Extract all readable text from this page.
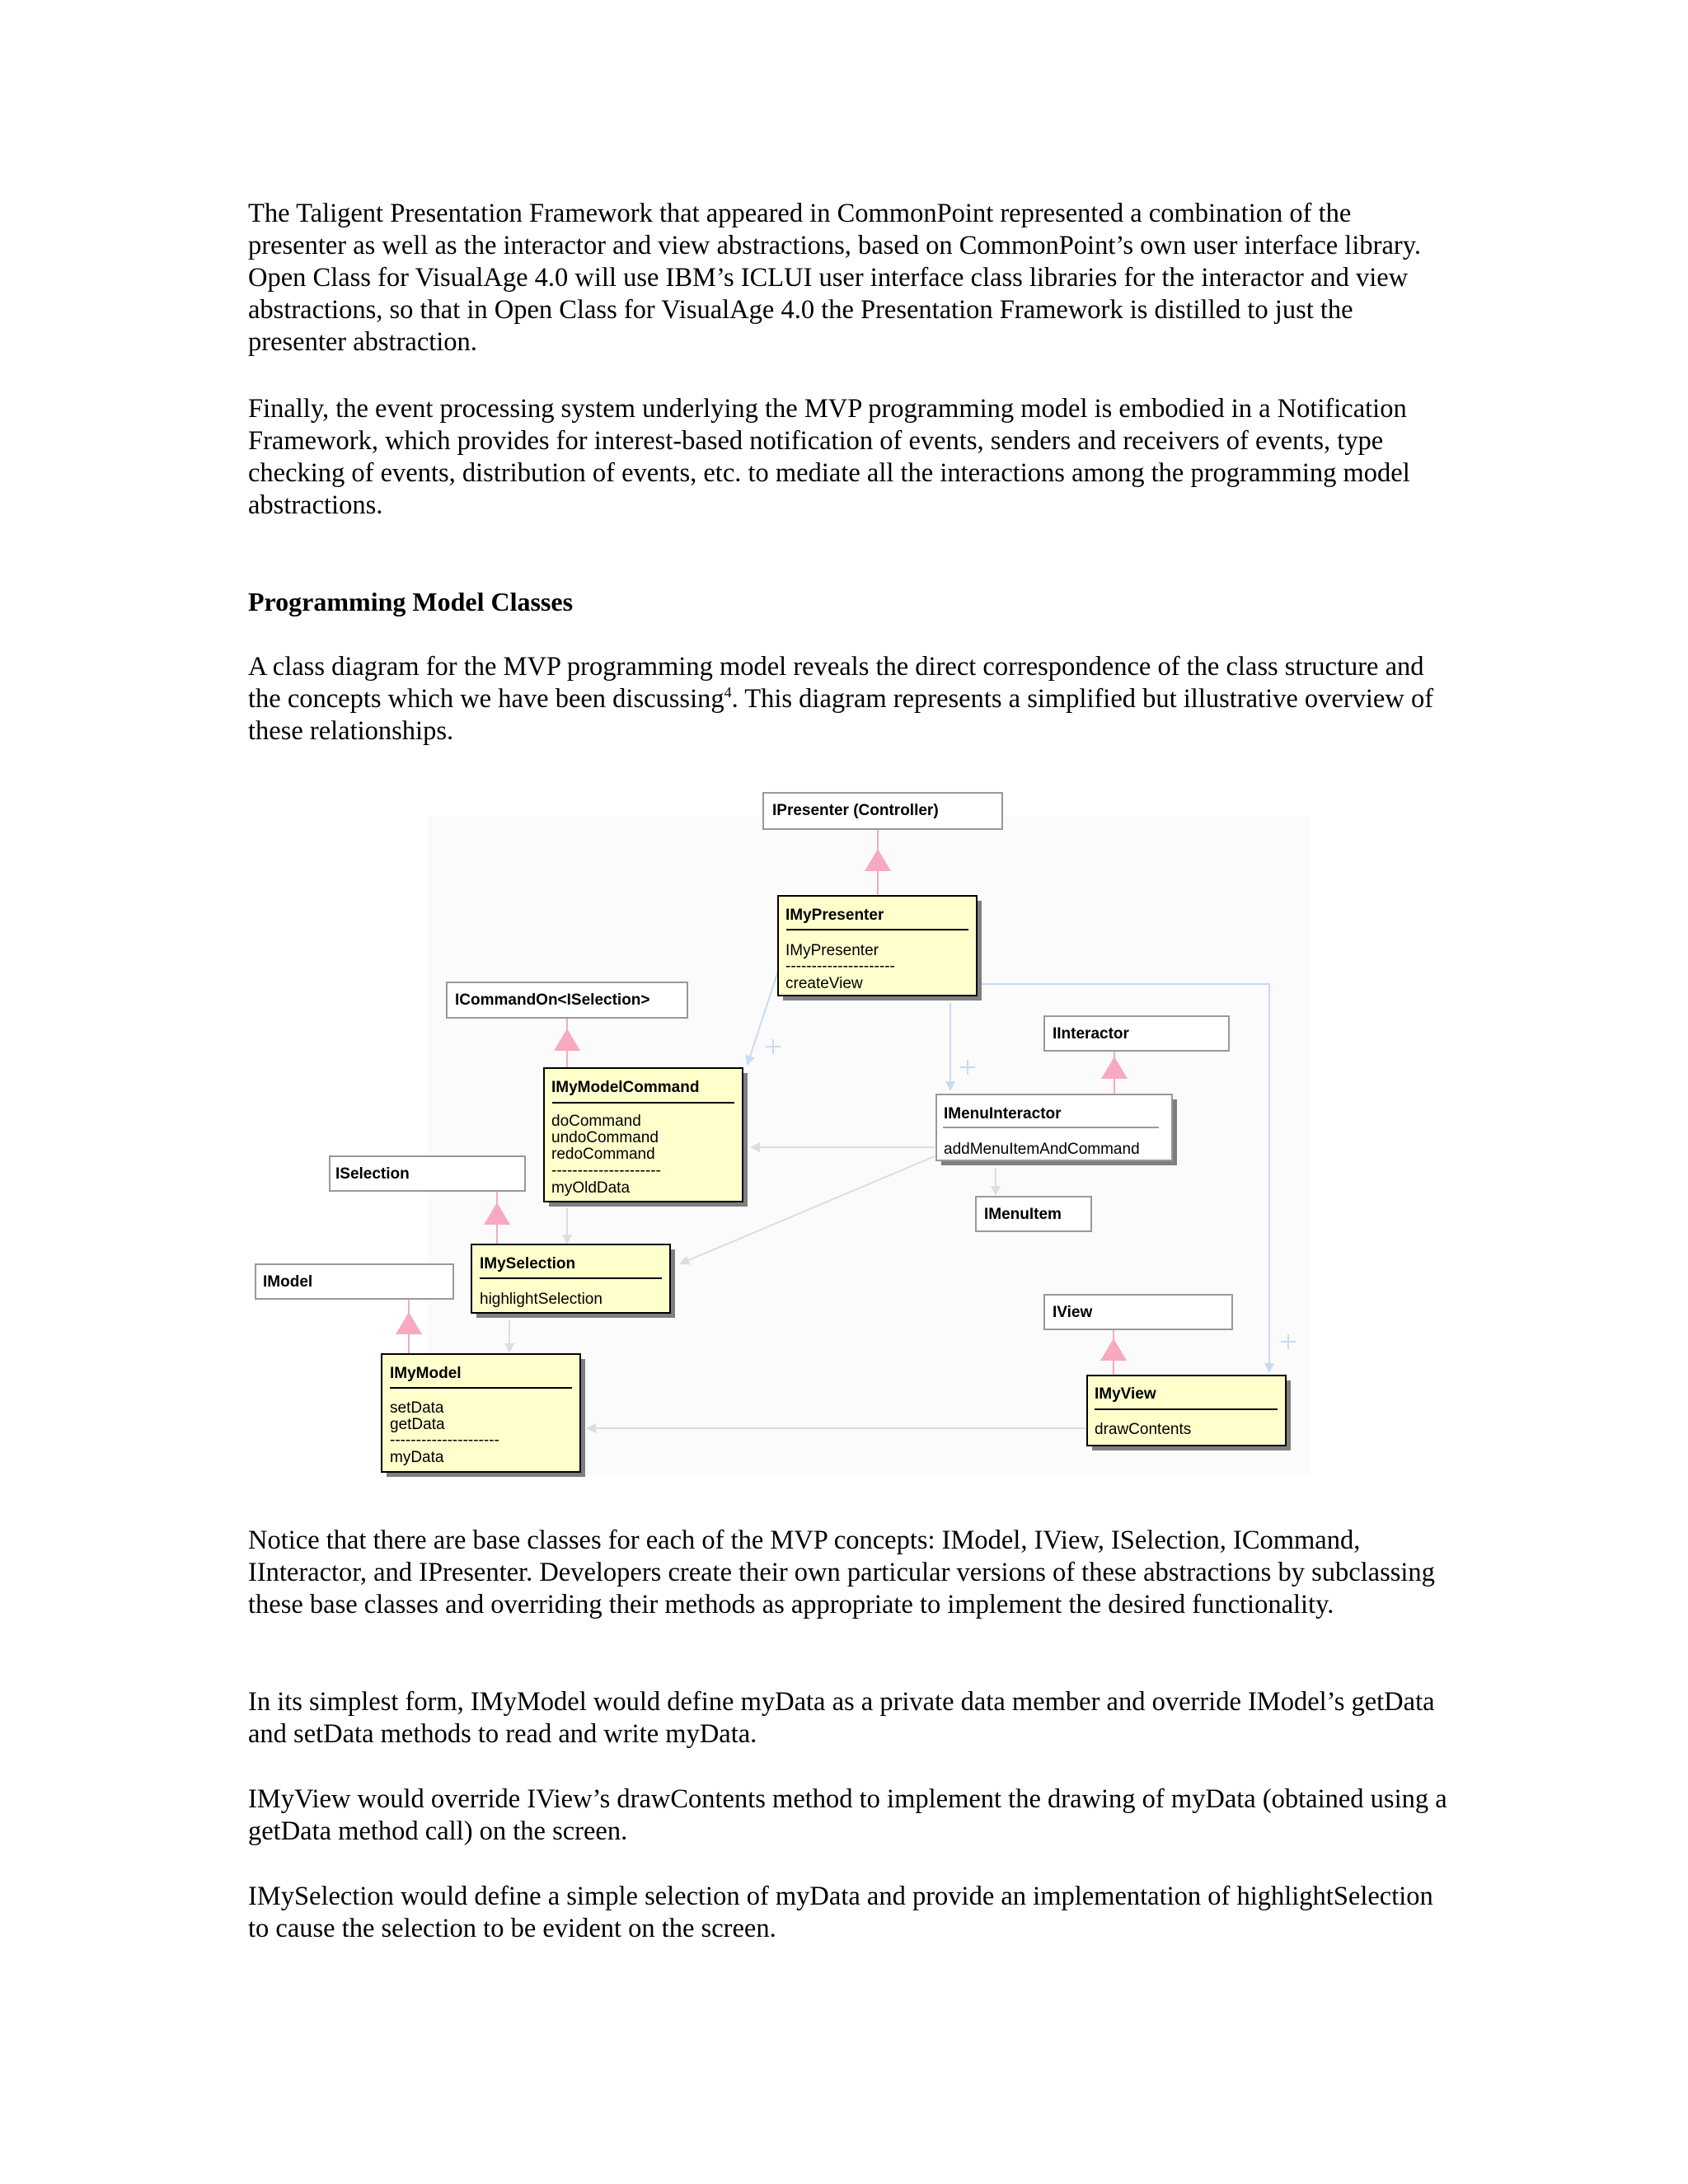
The Taligent Presentation Framework that appeared in CommonPoint represented a combination of the presenter as well as the interactor and view abstractions, based on CommonPoint’s own user interface library. Open Class for VisualAge 4.0 will use IBM’s ICLUI user interface class libraries for the interactor and view abstractions, so that in Open Class for VisualAge 4.0 the Presentation Framework is distilled to just the presenter abstraction.

Finally, the event processing system underlying the MVP programming model is embodied in a Notification Framework, which provides for interest-based notification of events, senders and receivers of events, type checking of events, distribution of events, etc. to mediate all the interactions among the programming model abstractions.

Programming Model Classes

A class diagram for the MVP programming model reveals the direct correspondence of the class structure and the concepts which we have been discussing$^4$. This diagram represents a simplified but illustrative overview of these relationships.

IPresenter (Controller)
ICommandOn<ISelection>
IInteractor
ISelection
IModel
IView
IMenuItem
IMyPresenter
IMyPresenter
---------------------
createView
IMyModelCommand
doCommand
undoCommand
redoCommand
---------------------
myOldData
IMenuInteractor
addMenuItemAndCommand
IMySelection
highlightSelection
IMyModel
setData
getData
---------------------
myData
IMyView
drawContents

Notice that there are base classes for each of the MVP concepts: IModel, IView, ISelection, ICommand, IInteractor, and IPresenter. Developers create their own particular versions of these abstractions by subclassing these base classes and overriding their methods as appropriate to implement the desired functionality.

In its simplest form, IMyModel would define myData as a private data member and override IModel’s getData and setData methods to read and write myData.

IMyView would override IView’s drawContents method to implement the drawing of myData (obtained using a getData method call) on the screen.

IMySelection would define a simple selection of myData and provide an implementation of highlightSelection to cause the selection to be evident on the screen.
